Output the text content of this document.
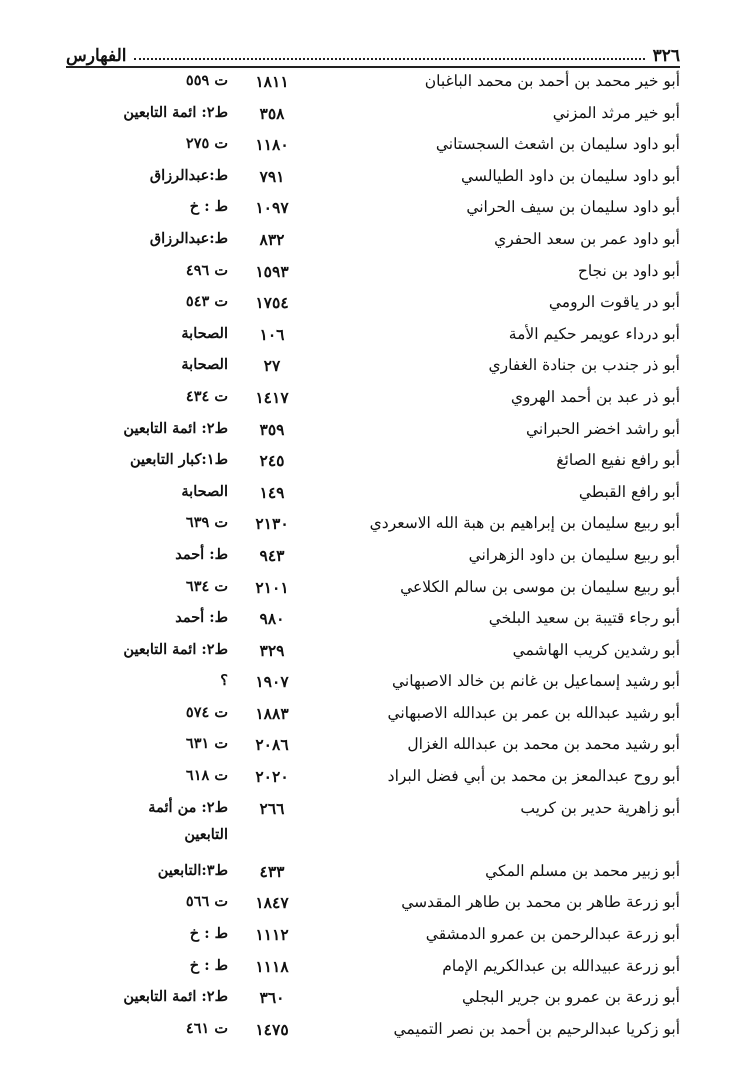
٣٢٦
الفهارس
أبو خير محمد بن أحمد بن محمد الباغبان
١٨١١
ت ٥٥٩
أبو خير مرثد المزني
٣٥٨
ط٢: ائمة التابعين
أبو داود سليمان بن اشعث السجستاني
١١٨٠
ت ٢٧٥
أبو داود سليمان بن داود الطيالسي
٧٩١
ط:عبدالرزاق
أبو داود سليمان بن سيف الحراني
١٠٩٧
ط : خ
أبو داود عمر بن سعد الحفري
٨٣٢
ط:عبدالرزاق
أبو داود بن نجاح
١٥٩٣
ت ٤٩٦
أبو در ياقوت الرومي
١٧٥٤
ت ٥٤٣
أبو درداء عويمر حكيم الأمة
١٠٦
الصحابة
أبو ذر جندب بن جنادة الغفاري
٢٧
الصحابة
أبو ذر عبد بن أحمد الهروي
١٤١٧
ت ٤٣٤
أبو راشد اخضر الحبراني
٣٥٩
ط٢: ائمة التابعين
أبو رافع نفيع الصائغ
٢٤٥
ط١:كبار التابعين
أبو رافع القبطي
١٤٩
الصحابة
أبو ربيع سليمان بن إبراهيم بن هبة الله الاسعردي
٢١٣٠
ت ٦٣٩
أبو ربيع سليمان بن داود الزهراني
٩٤٣
ط: أحمد
أبو ربيع سليمان بن موسى بن سالم الكلاعي
٢١٠١
ت ٦٣٤
أبو رجاء قتيبة بن سعيد البلخي
٩٨٠
ط: أحمد
أبو رشدين كريب الهاشمي
٣٢٩
ط٢: ائمة التابعين
أبو رشيد إسماعيل بن غانم بن خالد الاصبهاني
١٩٠٧
؟
أبو رشيد عبدالله بن عمر بن عبدالله الاصبهاني
١٨٨٣
ت ٥٧٤
أبو رشيد محمد بن محمد بن عبدالله الغزال
٢٠٨٦
ت ٦٣١
أبو روح عبدالمعز بن محمد بن أبي فضل البراد
٢٠٢٠
ت ٦١٨
أبو زاهرية حدير بن كريب
٢٦٦
ط٢: من أئمة
التابعين
أبو زبير محمد بن مسلم المكي
٤٣٣
ط٣:التابعين
أبو زرعة طاهر بن محمد بن طاهر المقدسي
١٨٤٧
ت ٥٦٦
أبو زرعة عبدالرحمن بن عمرو الدمشقي
١١١٢
ط : خ
أبو زرعة عبيدالله بن عبدالكريم الإمام
١١١٨
ط : خ
أبو زرعة بن عمرو بن جرير البجلي
٣٦٠
ط٢: ائمة التابعين
أبو زكريا عبدالرحيم بن أحمد بن نصر التميمي
١٤٧٥
ت ٤٦١
